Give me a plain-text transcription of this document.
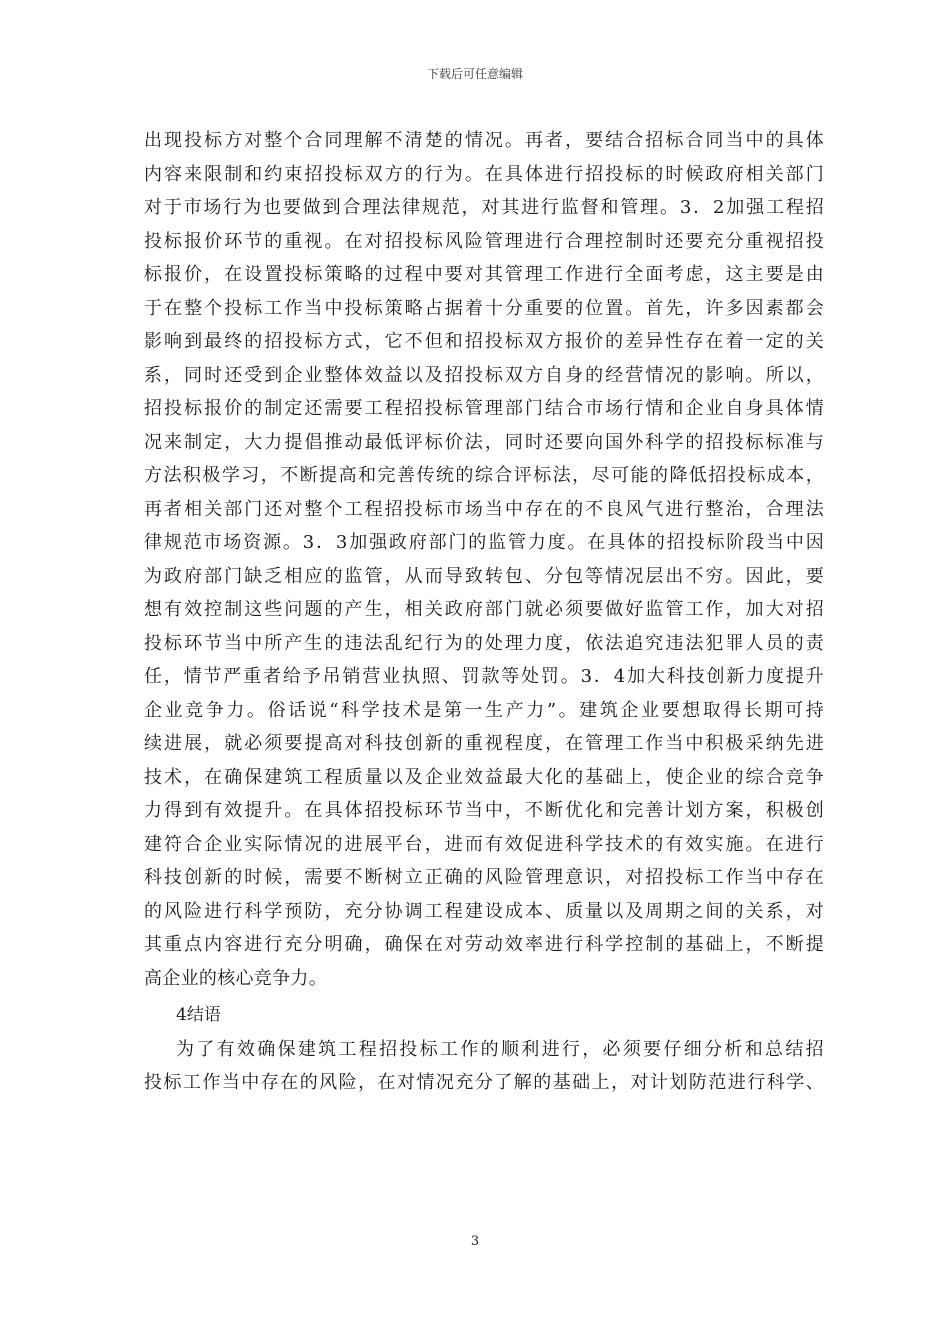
下载后可任意编辑
出现投标方对整个合同理解不清楚的情况。再者，要结合招标合同当中的具体
内容来限制和约束招投标双方的行为。在具体进行招投标的时候政府相关部门
对于市场行为也要做到合理法律规范，对其进行监督和管理。3．2加强工程招
投标报价环节的重视。在对招投标风险管理进行合理控制时还要充分重视招投
标报价，在设置投标策略的过程中要对其管理工作进行全面考虑，这主要是由
于在整个投标工作当中投标策略占据着十分重要的位置。首先，许多因素都会
影响到最终的招投标方式，它不但和招投标双方报价的差异性存在着一定的关
系，同时还受到企业整体效益以及招投标双方自身的经营情况的影响。所以，
招投标报价的制定还需要工程招投标管理部门结合市场行情和企业自身具体情
况来制定，大力提倡推动最低评标价法，同时还要向国外科学的招投标标准与
方法积极学习，不断提高和完善传统的综合评标法，尽可能的降低招投标成本，
再者相关部门还对整个工程招投标市场当中存在的不良风气进行整治，合理法
律规范市场资源。3．3加强政府部门的监管力度。在具体的招投标阶段当中因
为政府部门缺乏相应的监管，从而导致转包、分包等情况层出不穷。因此，要
想有效控制这些问题的产生，相关政府部门就必须要做好监管工作，加大对招
投标环节当中所产生的违法乱纪行为的处理力度，依法追究违法犯罪人员的责
任，情节严重者给予吊销营业执照、罚款等处罚。3．4加大科技创新力度提升
企业竞争力。俗话说“科学技术是第一生产力”。建筑企业要想取得长期可持
续进展，就必须要提高对科技创新的重视程度，在管理工作当中积极采纳先进
技术，在确保建筑工程质量以及企业效益最大化的基础上，使企业的综合竞争
力得到有效提升。在具体招投标环节当中，不断优化和完善计划方案，积极创
建符合企业实际情况的进展平台，进而有效促进科学技术的有效实施。在进行
科技创新的时候，需要不断树立正确的风险管理意识，对招投标工作当中存在
的风险进行科学预防，充分协调工程建设成本、质量以及周期之间的关系，对
其重点内容进行充分明确，确保在对劳动效率进行科学控制的基础上，不断提
高企业的核心竞争力。
4结语
为了有效确保建筑工程招投标工作的顺利进行，必须要仔细分析和总结招
投标工作当中存在的风险，在对情况充分了解的基础上，对计划防范进行科学、
3
